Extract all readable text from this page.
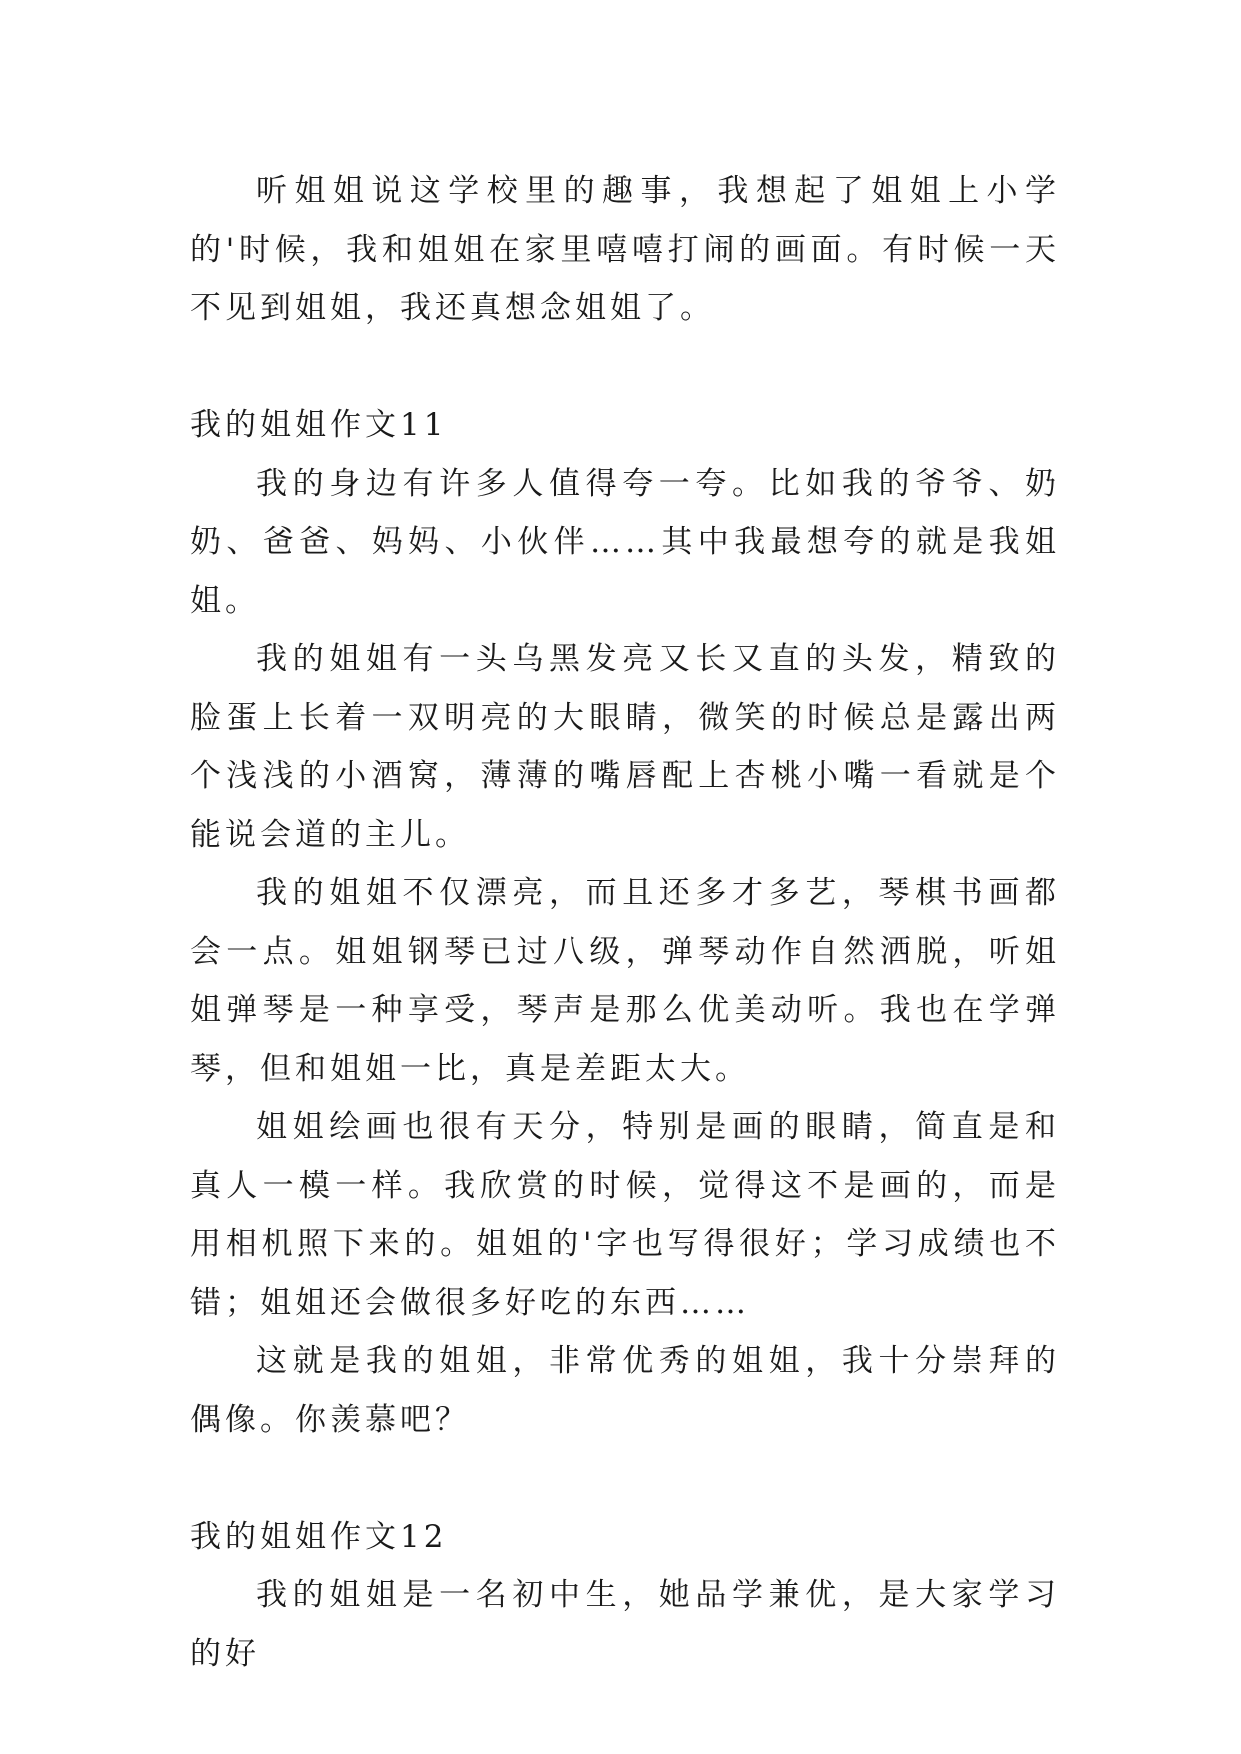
听姐姐说这学校里的趣事，我想起了姐姐上小学的'时候，我和姐姐在家里嘻嘻打闹的画面。有时候一天不见到姐姐，我还真想念姐姐了。

我的姐姐作文11

我的身边有许多人值得夸一夸。比如我的爷爷、奶奶、爸爸、妈妈、小伙伴……其中我最想夸的就是我姐姐。

我的姐姐有一头乌黑发亮又长又直的头发，精致的脸蛋上长着一双明亮的大眼睛，微笑的时候总是露出两个浅浅的小酒窝，薄薄的嘴唇配上杏桃小嘴一看就是个能说会道的主儿。

我的姐姐不仅漂亮，而且还多才多艺，琴棋书画都会一点。姐姐钢琴已过八级，弹琴动作自然洒脱，听姐姐弹琴是一种享受，琴声是那么优美动听。我也在学弹琴，但和姐姐一比，真是差距太大。

姐姐绘画也很有天分，特别是画的眼睛，简直是和真人一模一样。我欣赏的时候，觉得这不是画的，而是用相机照下来的。姐姐的'字也写得很好；学习成绩也不错；姐姐还会做很多好吃的东西……

这就是我的姐姐，非常优秀的姐姐，我十分崇拜的偶像。你羡慕吧？

我的姐姐作文12

我的姐姐是一名初中生，她品学兼优，是大家学习的好
